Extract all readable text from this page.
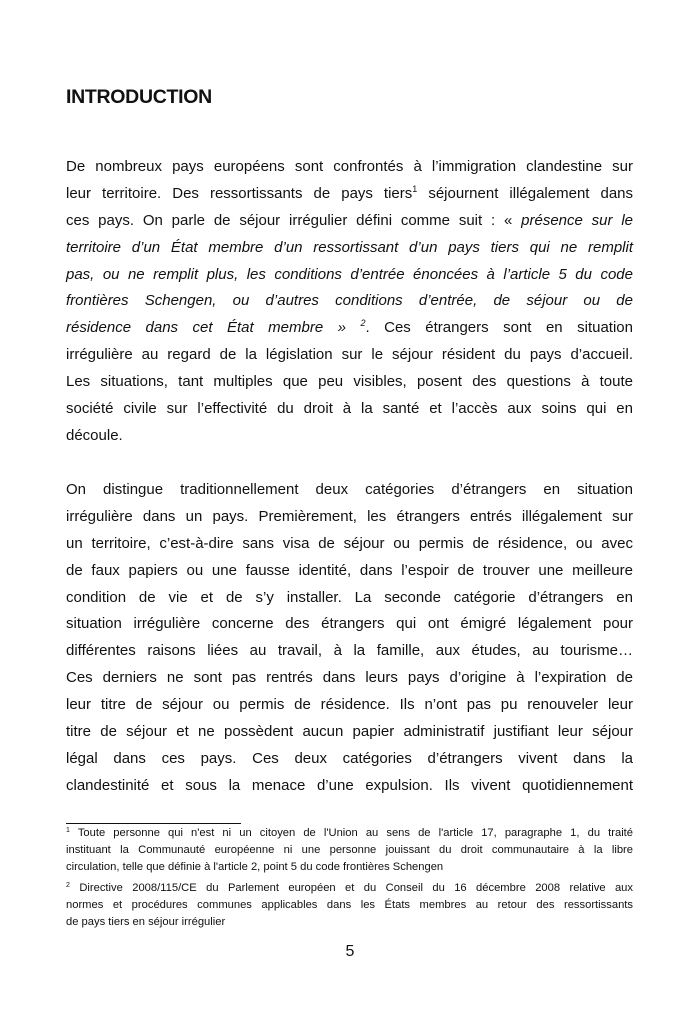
INTRODUCTION
De nombreux pays européens sont confrontés à l’immigration clandestine sur
leur territoire. Des ressortissants de pays tiers$^1$ séjournent illégalement dans
ces pays. On parle de séjour irrégulier défini comme suit : « présence sur le
territoire d’un État membre d’un ressortissant d’un pays tiers qui ne remplit
pas, ou ne remplit plus, les conditions d’entrée énoncées à l’article 5 du code
frontières Schengen, ou d’autres conditions d’entrée, de séjour ou de
résidence dans cet État membre » $^2$. Ces étrangers sont en situation
irrégulière au regard de la législation sur le séjour résident du pays d’accueil.
Les situations, tant multiples que peu visibles, posent des questions à toute
société civile sur l’effectivité du droit à la santé et l’accès aux soins qui en
découle.
On distingue traditionnellement deux catégories d’étrangers en situation
irrégulière dans un pays. Premièrement, les étrangers entrés illégalement sur
un territoire, c’est-à-dire sans visa de séjour ou permis de résidence, ou avec
de faux papiers ou une fausse identité, dans l’espoir de trouver une meilleure
condition de vie et de s’y installer. La seconde catégorie d’étrangers en
situation irrégulière concerne des étrangers qui ont émigré légalement pour
différentes raisons liées au travail, à la famille, aux études, au tourisme…
Ces derniers ne sont pas rentrés dans leurs pays d’origine à l’expiration de
leur titre de séjour ou permis de résidence. Ils n’ont pas pu renouveler leur
titre de séjour et ne possèdent aucun papier administratif justifiant leur séjour
légal dans ces pays. Ces deux catégories d’étrangers vivent dans la
clandestinité et sous la menace d’une expulsion. Ils vivent quotidiennement
$^1$ Toute personne qui n'est ni un citoyen de l'Union au sens de l'article 17, paragraphe 1, du traité
instituant la Communauté européenne ni une personne jouissant du droit communautaire à la libre
circulation, telle que définie à l'article 2, point 5 du code frontières Schengen
$^2$ Directive 2008/115/CE du Parlement européen et du Conseil du 16 décembre 2008 relative aux
normes et procédures communes applicables dans les États membres au retour des ressortissants
de pays tiers en séjour irrégulier
5
